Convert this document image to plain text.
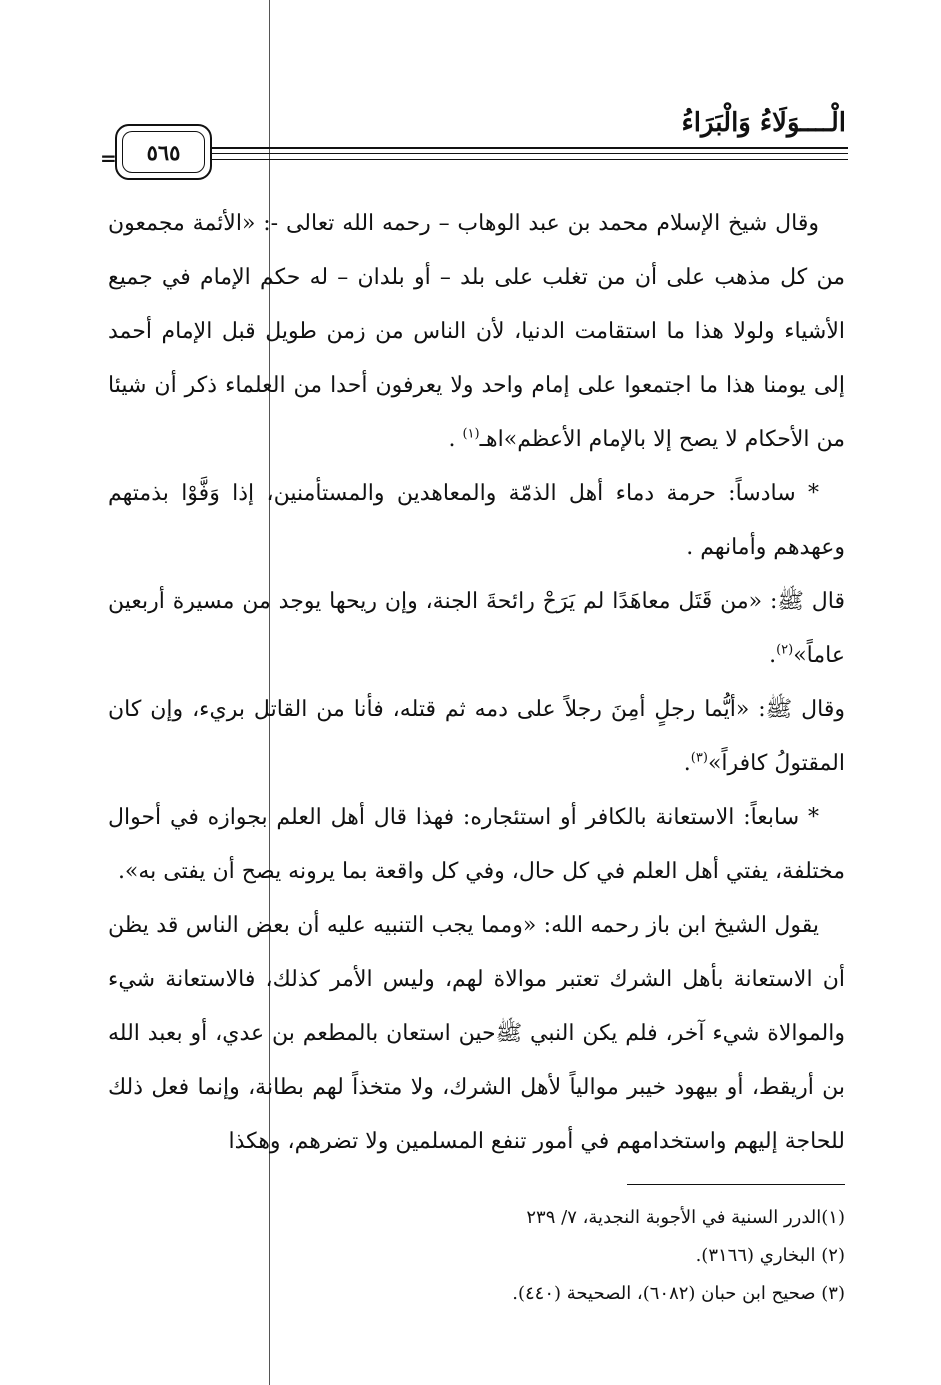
الْــــوَلَاءُ وَالْبَرَاءُ
=	٥٦٥

وقال شيخ الإسلام محمد بن عبد الوهاب – رحمه الله تعالى -: «الأئمة مجمعون من كل مذهب على أن من تغلب على بلد – أو بلدان – له حكم الإمام في جميع الأشياء ولولا هذا ما استقامت الدنيا، لأن الناس من زمن طويل قبل الإمام أحمد إلى يومنا هذا ما اجتمعوا على إمام واحد ولا يعرفون أحدا من العلماء ذكر أن شيئا من الأحكام لا يصح إلا بالإمام الأعظم»اهـ$^{(١)}$ .

* سادساً: حرمة دماء أهل الذمّة والمعاهدين والمستأمنين، إذا وَفَّوْا بذمتهم وعهدهم وأمانهم .

قال ﷺ: «من قَتَل معاهَدًا لم يَرَحْ رائحةَ الجنة، وإن ريحها يوجد من مسيرة أربعين عاماً»$^{(٢)}$.

وقال ﷺ: «أيُّما رجلٍ أمِنَ رجلاً على دمه ثم قتله، فأنا من القاتل بريء، وإن كان المقتولُ كافراً»$^{(٣)}$.

* سابعاً: الاستعانة بالكافر أو استئجاره: فهذا قال أهل العلم بجوازه في أحوال مختلفة، يفتي أهل العلم في كل حال، وفي كل واقعة بما يرونه يصح أن يفتى به».

يقول الشيخ ابن باز رحمه الله: «ومما يجب التنبيه عليه أن بعض الناس قد يظن أن الاستعانة بأهل الشرك تعتبر موالاة لهم، وليس الأمر كذلك، فالاستعانة شيء والموالاة شيء آخر، فلم يكن النبي ﷺحين استعان بالمطعم بن عدي، أو بعبد الله بن أريقط، أو بيهود خيبر موالياً لأهل الشرك، ولا متخذاً لهم بطانة، وإنما فعل ذلك للحاجة إليهم واستخدامهم في أمور تنفع المسلمين ولا تضرهم، وهكذا

(١)الدرر السنية في الأجوبة النجدية، ٧/ ٢٣٩

(٢) البخاري (٣١٦٦).

(٣) صحيح ابن حبان (٦٠٨٢)، الصحيحة (٤٤٠).
